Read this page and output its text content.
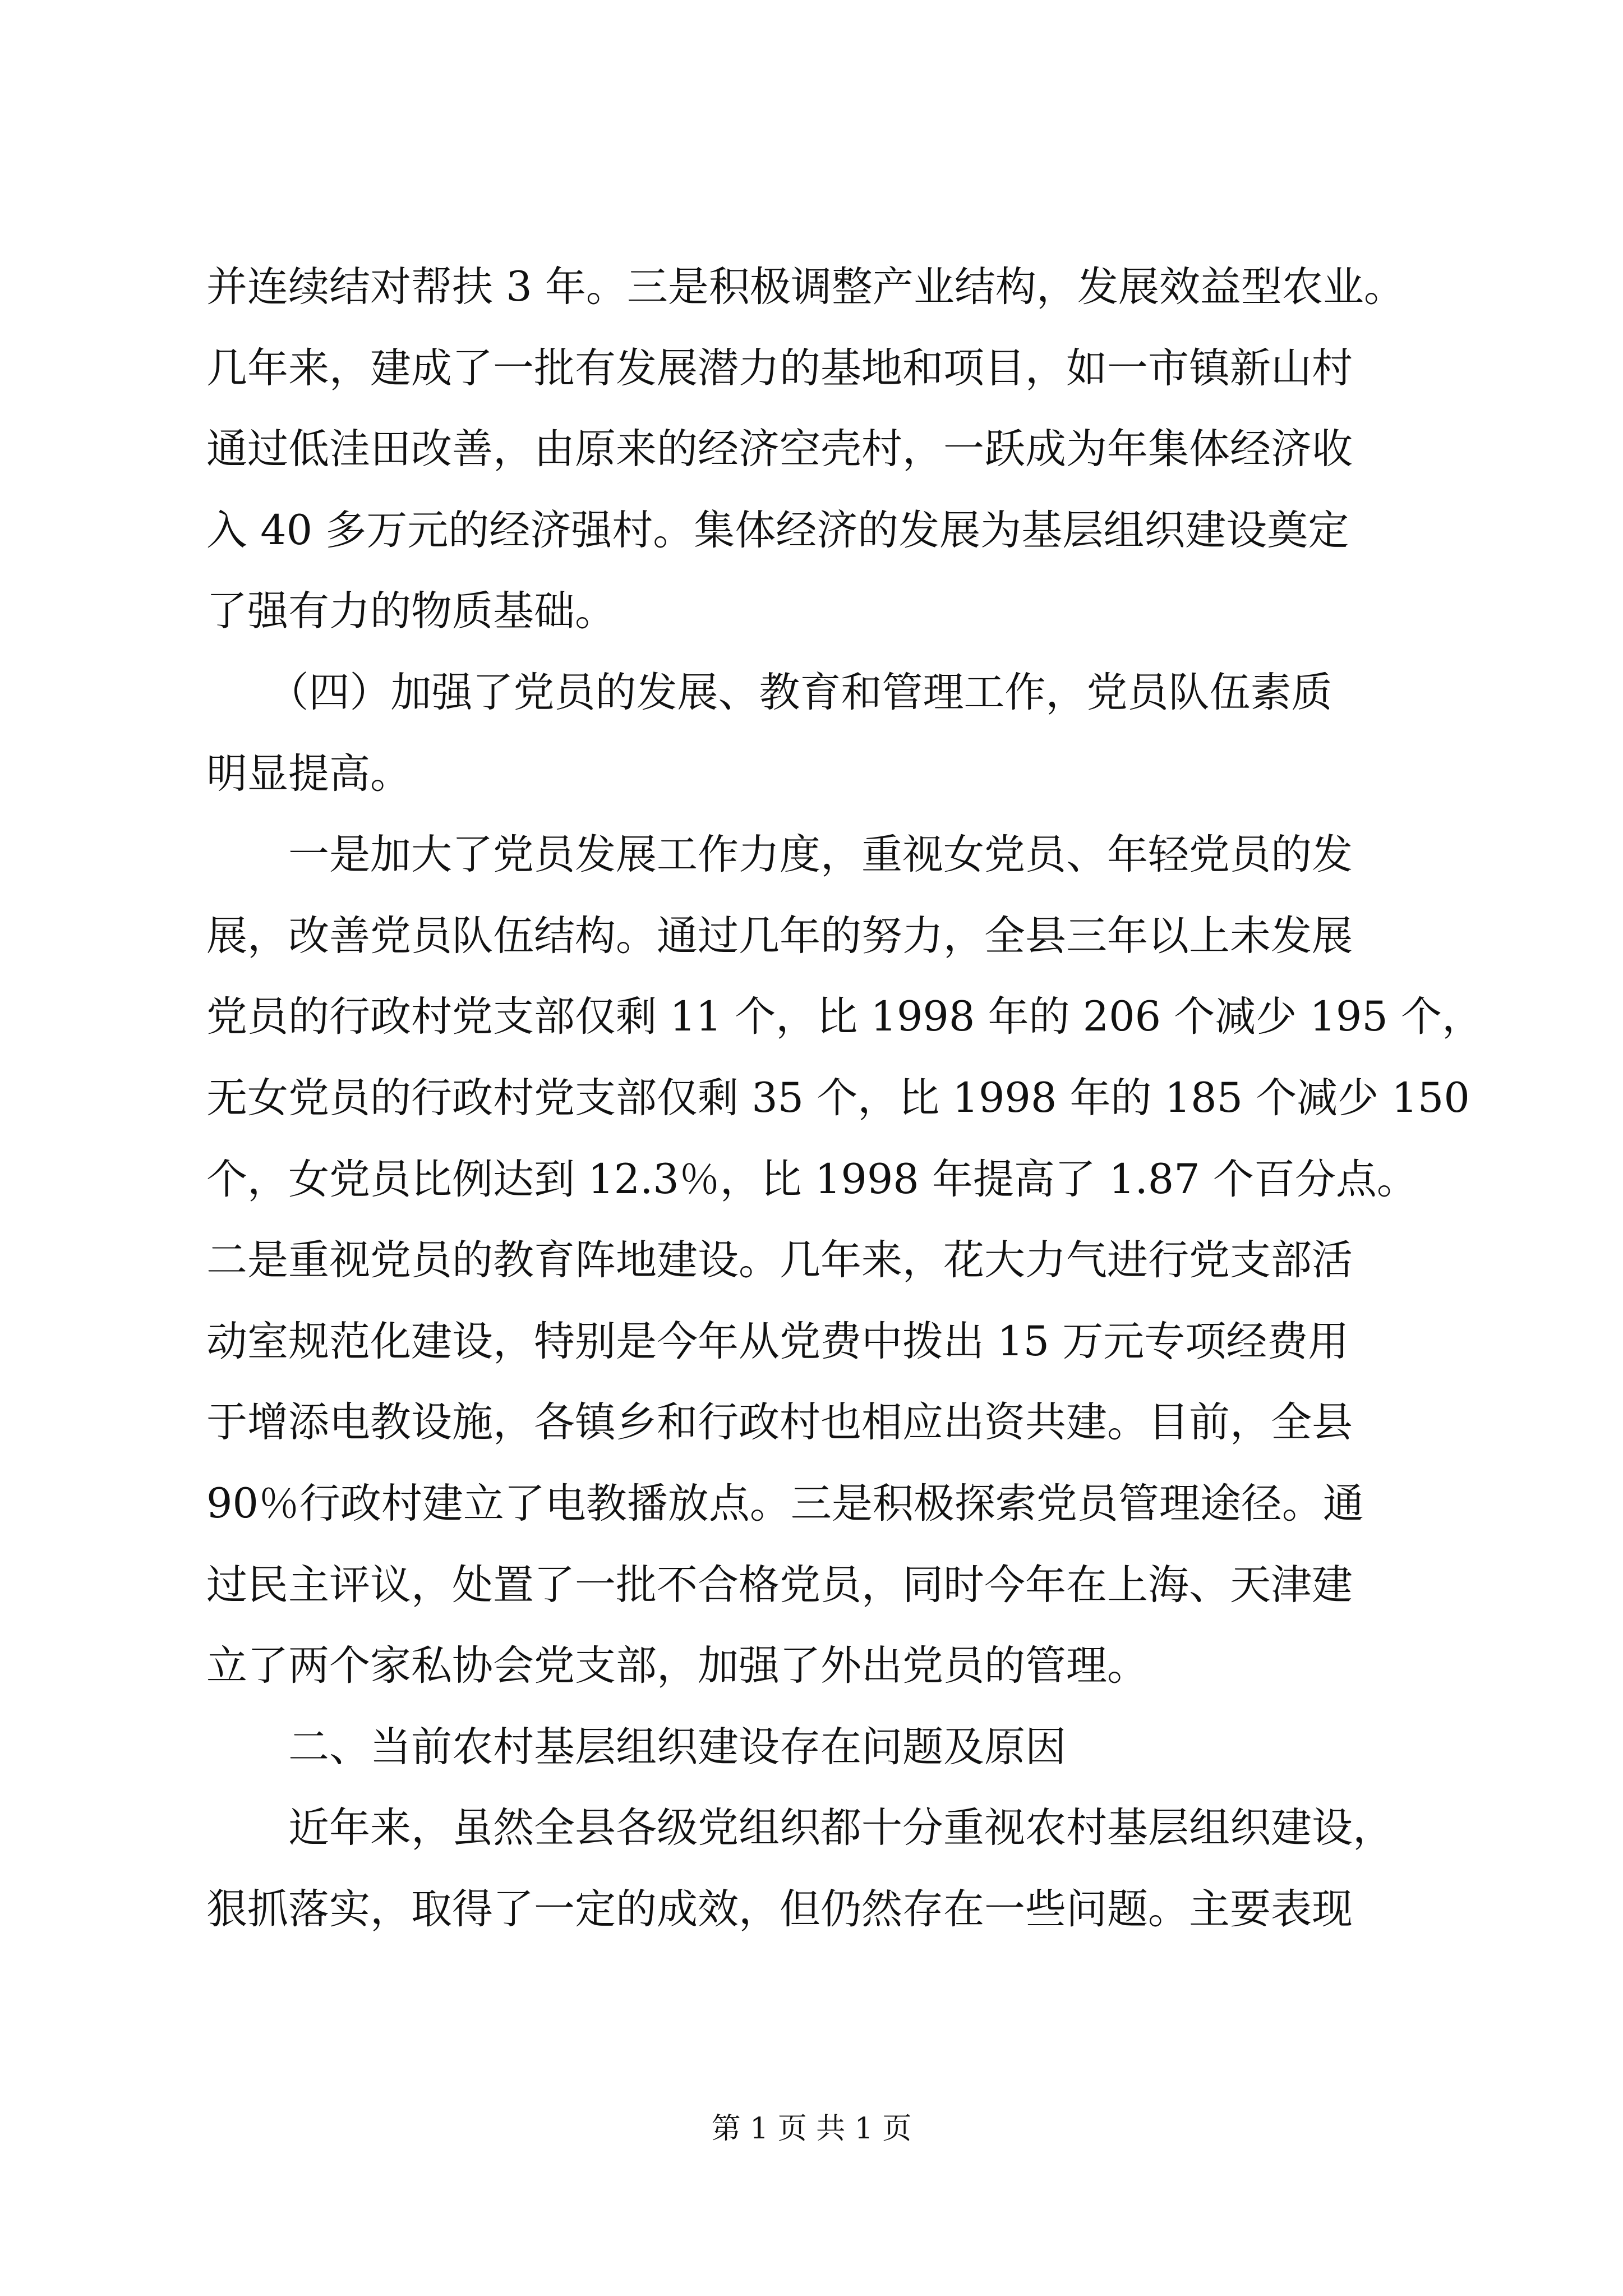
并连续结对帮扶 3 年。三是积极调整产业结构，发展效益型农业。
几年来，建成了一批有发展潜力的基地和项目，如一市镇新山村
通过低洼田改善，由原来的经济空壳村，一跃成为年集体经济收
入 40 多万元的经济强村。集体经济的发展为基层组织建设奠定
了强有力的物质基础。
　　（四）加强了党员的发展、教育和管理工作，党员队伍素质
明显提高。
　　一是加大了党员发展工作力度，重视女党员、年轻党员的发
展，改善党员队伍结构。通过几年的努力，全县三年以上未发展
党员的行政村党支部仅剩 11 个，比 1998 年的 206 个减少 195 个，
无女党员的行政村党支部仅剩 35 个，比 1998 年的 185 个减少 150
个，女党员比例达到 12.3％，比 1998 年提高了 1.87 个百分点。
二是重视党员的教育阵地建设。几年来，花大力气进行党支部活
动室规范化建设，特别是今年从党费中拨出 15 万元专项经费用
于增添电教设施，各镇乡和行政村也相应出资共建。目前，全县
90％行政村建立了电教播放点。三是积极探索党员管理途径。通
过民主评议，处置了一批不合格党员，同时今年在上海、天津建
立了两个家私协会党支部，加强了外出党员的管理。
　　二、当前农村基层组织建设存在问题及原因
　　近年来，虽然全县各级党组织都十分重视农村基层组织建设，
狠抓落实，取得了一定的成效，但仍然存在一些问题。主要表现
第 1 页 共 1 页
